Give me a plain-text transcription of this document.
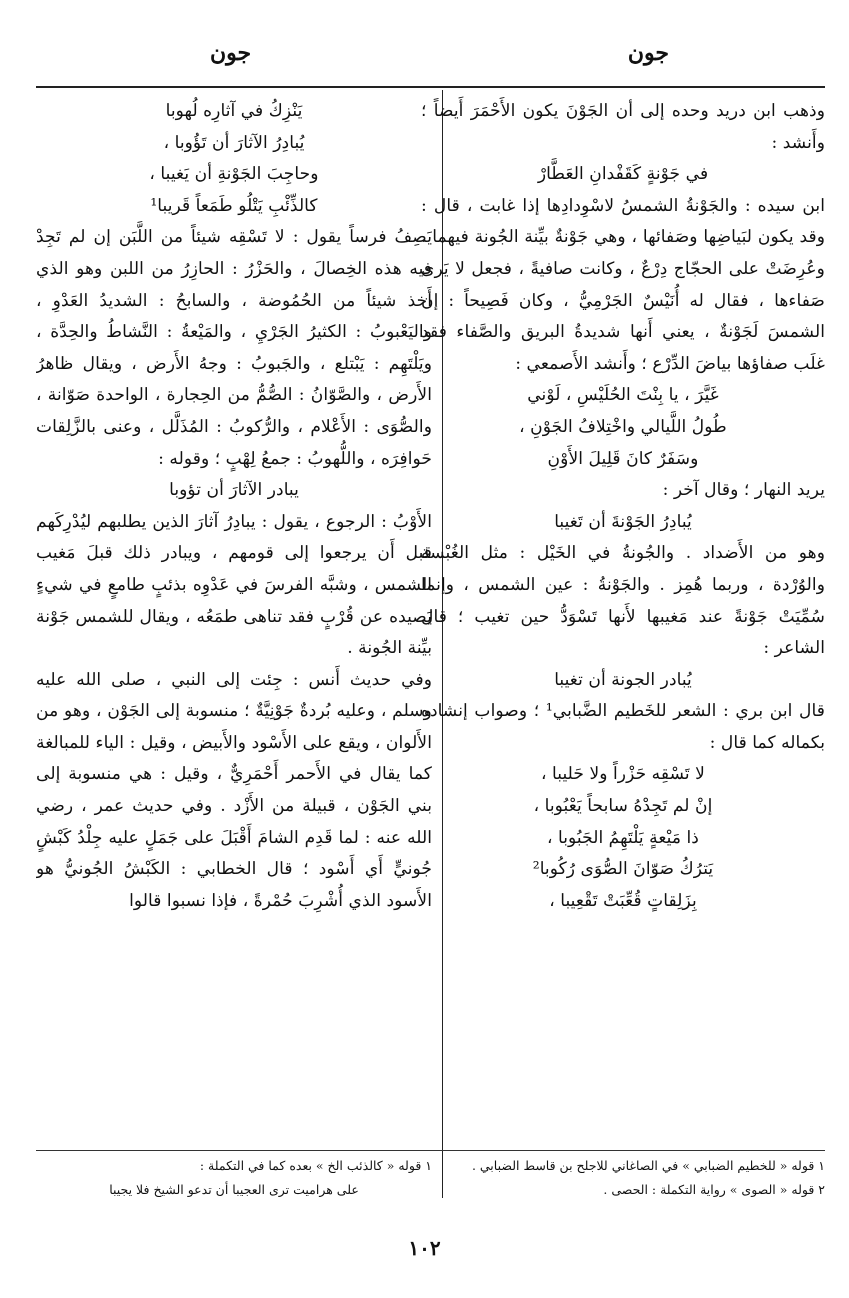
جون
جون

وذهب ابن دريد وحده إلى أن الجَوْنَ يكون الأَحْمَرَ أَيضاً ؛ وأَنشد :

في جَوْنةٍ كَقَفْدانِ العَطَّارْ

ابن سيده : والجَوْنةُ الشمسُ لاسْوِدادِها إذا غابت ، قال : وقد يكون لبَياضِها وصَفائها ، وهي جَوْنةٌ بيِّنة الجُونة فيهما . وعُرِضَتْ على الحجّاج دِرْعٌ ، وكانت صافيةً ، فجعل لا يَرى صَفاءها ، فقال له أُنَيْسٌ الجَرْمِيُّ ، وكان فَصِيحاً : إن الشمسَ لَجَوْنةٌ ، يعني أَنها شديدةُ البريق والصَّفاء فقد غلَب صفاؤها بياضَ الدِّرْع ؛ وأَنشد الأَصمعي :

غَيَّرَ ، يا بِنْتَ الحُلَيْسِ ، لَوْني

طُولُ اللَّيالي واخْتِلافُ الجَوْنِ ،

وسَفَرٌ كانَ قَلِيلَ الأَوْنِ

يريد النهار ؛ وقال آخر :

يُبادِرُ الجَوْنةَ أن تَغيبا

وهو من الأَضداد . والجُونةُ في الخَيْل : مثل الغُبْسة والوُرْدة ، وربما هُمِز . والجَوْنةُ : عين الشمس ، وإنما سُمِّيَتْ جَوْنةً عند مَغيبها لأَنها تَسْوَدُّ حين تغيب ؛ قال الشاعر :

يُبادر الجونة أن تغيبا

قال ابن بري : الشعر للخَطيم الضَّبابي¹ ؛ وصواب إنشاده بكماله كما قال :

لا تَسْقِه حَزْراً ولا حَليبا ،

إنْ لم تَجِدْهُ سابحاً يَعْبُوبا ،

ذا مَيْعةٍ يَلْتَهِمُ الجَبُوبا ،

يَترُكُ صَوّانَ الصُّوَى رُكُوبا²

بِزَلِقاتٍ قُعِّبَتْ تَقْعِيبا ،

يَنْزِكُ في آثارِه لُهوبا

يُبادِرُ الآثارَ أن تَؤُوبا ،

وحاجِبَ الجَوْنةِ أن يَغيبا ،

كالذِّئْبِ يَتْلُو طَمَعاً قَريبا¹

يَصِفُ فرساً يقول : لا تَسْقِه شيئاً من اللَّبَن إن لم تَجِدْ فيه هذه الخِصالَ ، والحَزْرُ : الحازِرُ من اللبن وهو الذي أَخذ شيئاً من الحُمُوضة ، والسابحُ : الشديدُ العَدْوِ ، واليَعْبوبُ : الكثيرُ الجَرْيِ ، والمَيْعةُ : النَّشاطُ والحِدَّة ، ويَلْتَهِم : يَبْتلع ، والجَبوبُ : وجهُ الأَرض ، ويقال ظاهرُ الأَرض ، والصَّوّانُ : الصُّمُّ من الحِجارة ، الواحدة صَوّانة ، والصُّوَى : الأَعْلام ، والرُّكوبُ : المُذَلَّل ، وعنى بالزَّلِقات حَوافِرَه ، واللُّهوبُ : جمعُ لِهْبٍ ؛ وقوله :

يبادر الآثارَ أن تؤوبا

الأَوْبُ : الرجوع ، يقول : يبادِرُ آثارَ الذين يطلبهم ليُدْرِكَهم قبل أَن يرجعوا إلى قومهم ، ويبادر ذلك قبلَ مَغيب الشمس ، وشبَّه الفرسَ في عَدْوِه بذئبٍ طامعٍ في شيءٍ يَصيده عن قُرْبٍ فقد تناهى طمَعُه ، ويقال للشمس جَوْنة بيِّنة الجُونة .

وفي حديث أَنس : جِئت إلى النبي ، صلى الله عليه وسلم ، وعليه بُردةٌ جَوْنِيَّةٌ ؛ منسوبة إلى الجَوْن ، وهو من الأَلوان ، ويقع على الأَسْود والأَبيض ، وقيل : الياء للمبالغة كما يقال في الأَحمر أَحْمَرِيٌّ ، وقيل : هي منسوبة إلى بني الجَوْن ، قبيلة من الأَزْد . وفي حديث عمر ، رضي الله عنه : لما قَدِم الشامَ أَقْبَلَ على جَمَلٍ عليه جِلْدُ كَبْشٍ جُونيٍّ أَي أَسْود ؛ قال الخطابي : الكَبْشُ الجُونيُّ هو الأَسود الذي أُشْرِبَ حُمْرةً ، فإذا نسبوا قالوا

١ قوله « للخطيم الضبابي » في الصاغاني للاجلح بن قاسط الضبابي .

٢ قوله « الصوى » رواية التكملة : الحصى .

١ قوله « كالذئب الخ » بعده كما في التكملة :

على هراميت ترى العجيبا أن تدعو الشيخ فلا يجيبا

١٠٢
